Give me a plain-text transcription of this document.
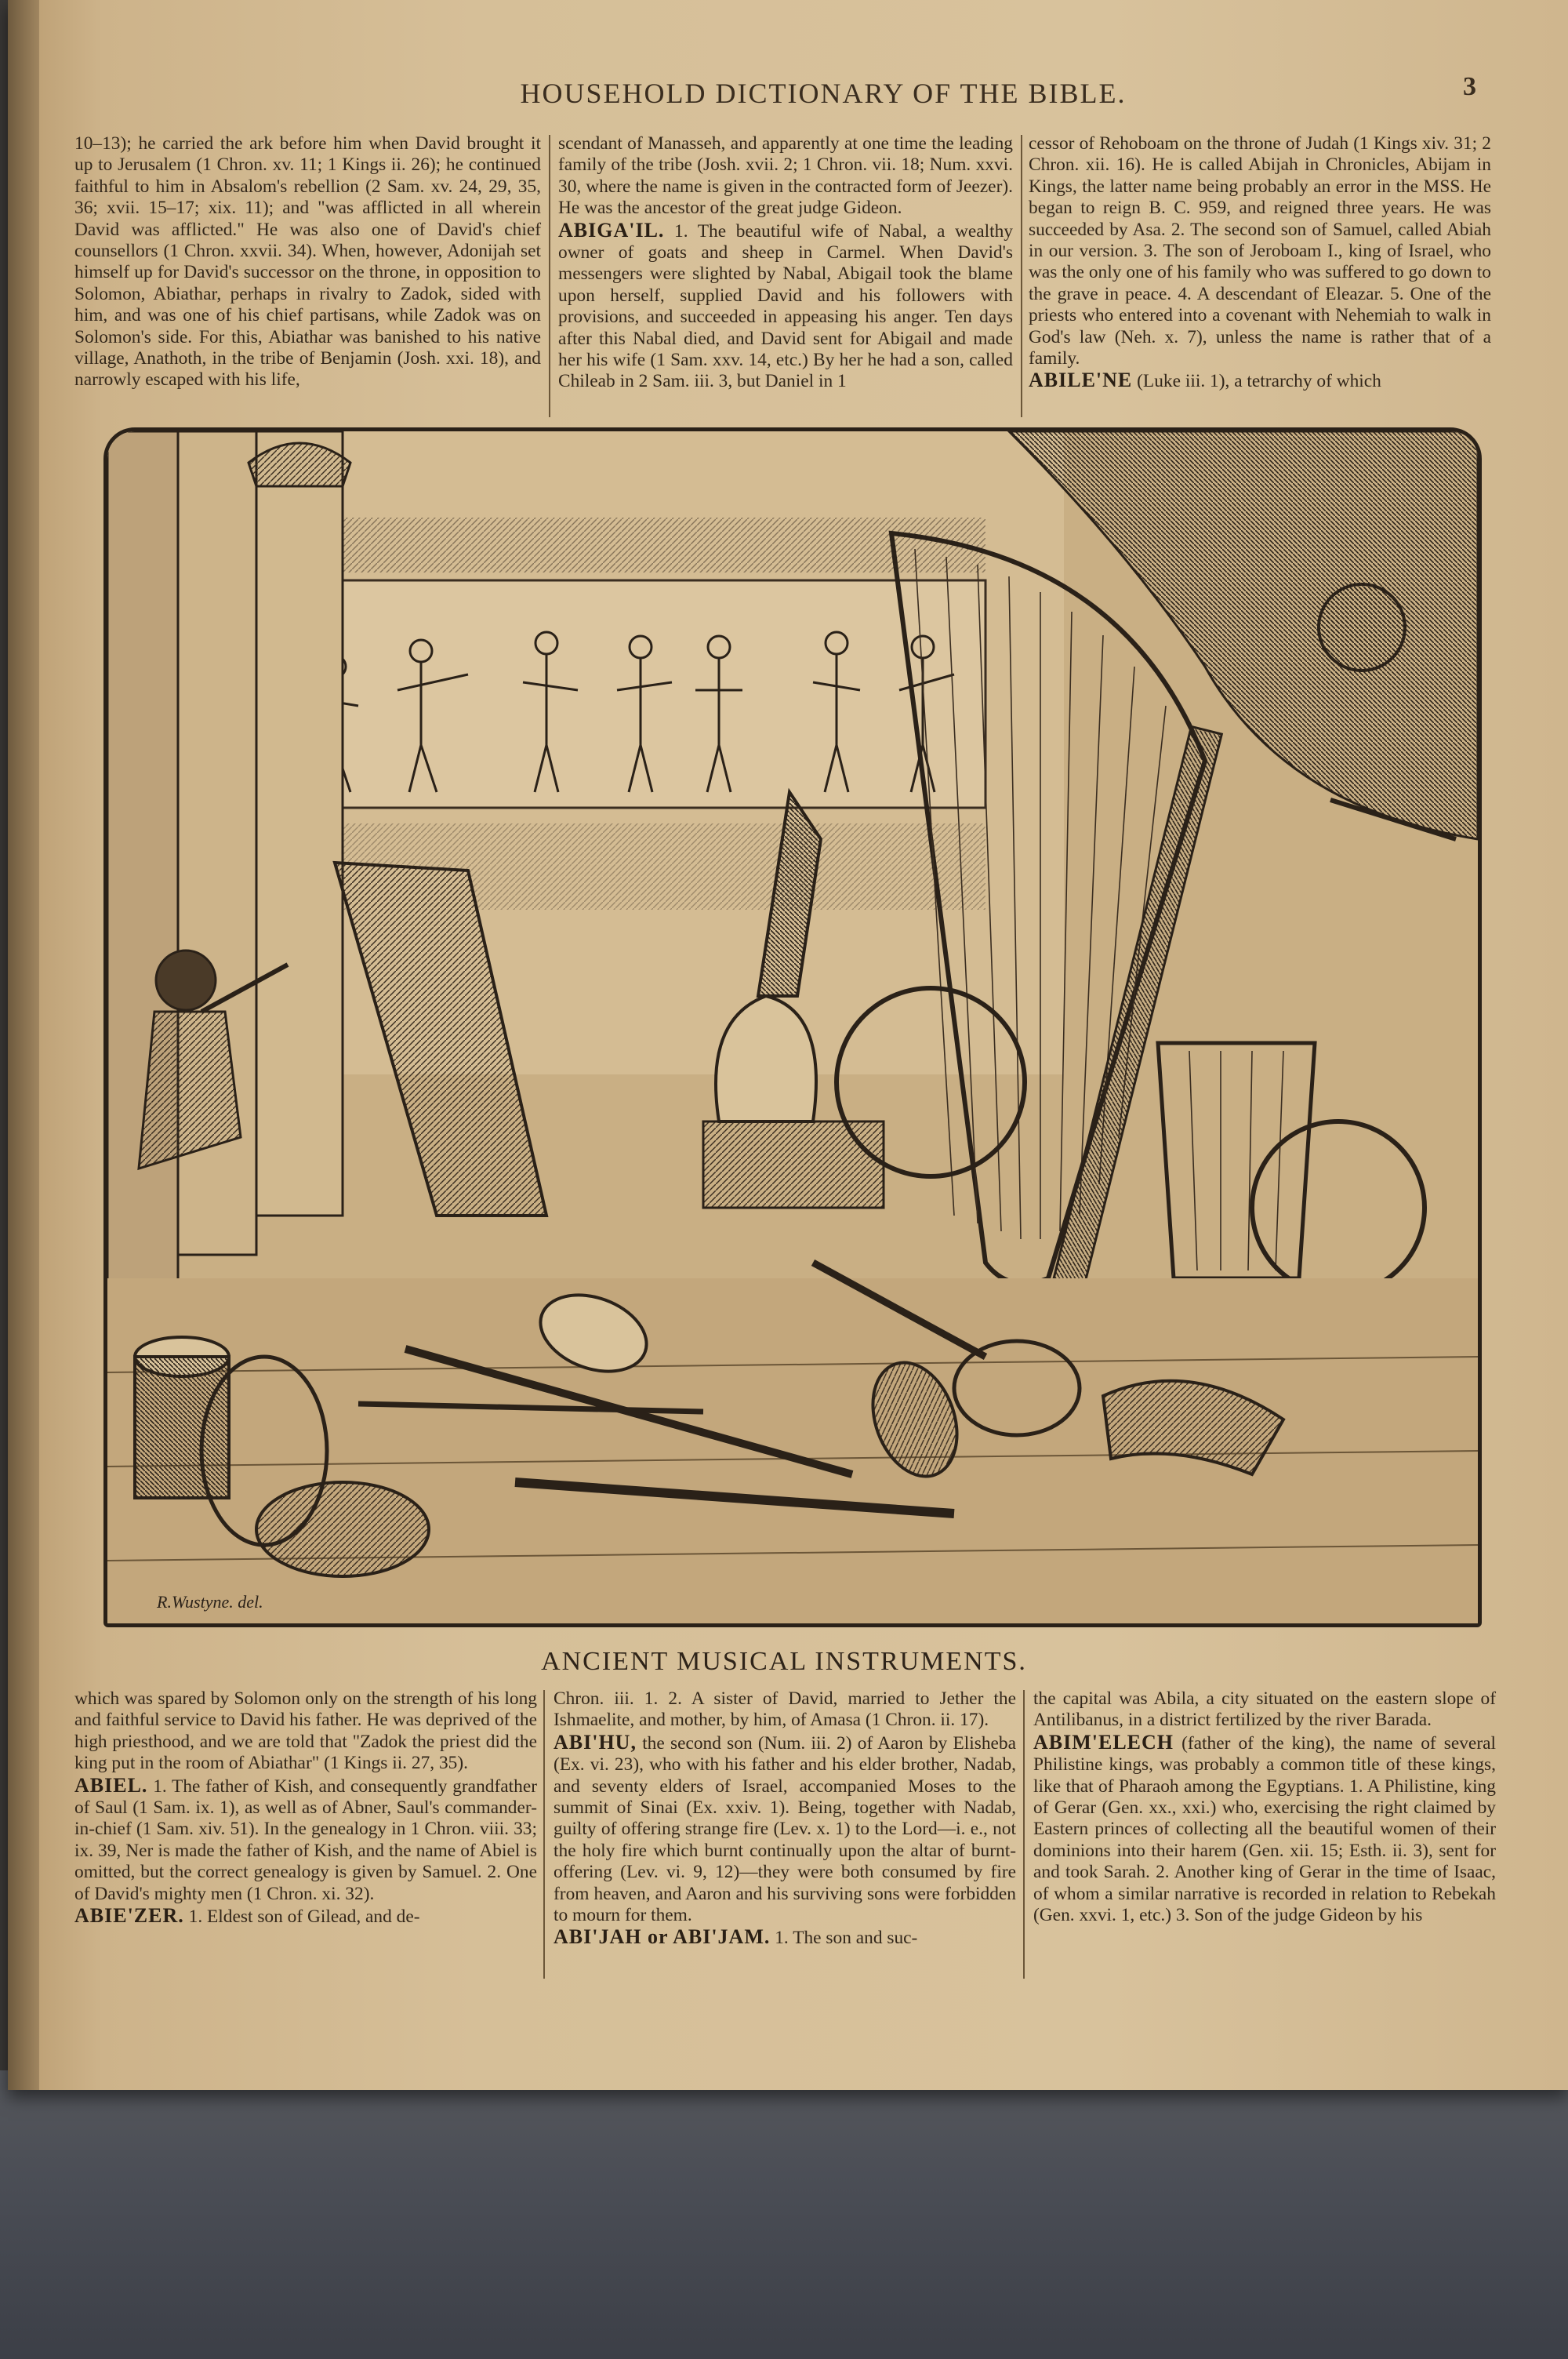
HOUSEHOLD DICTIONARY OF THE BIBLE.	3

10–13); he carried the ark before him when David brought it up to Jerusalem (1 Chron. xv. 11; 1 Kings ii. 26); he continued faithful to him in Absalom's rebellion (2 Sam. xv. 24, 29, 35, 36; xvii. 15–17; xix. 11); and "was afflicted in all wherein David was afflicted." He was also one of David's chief counsellors (1 Chron. xxvii. 34). When, however, Adonijah set himself up for David's successor on the throne, in opposition to Solomon, Abiathar, perhaps in rivalry to Zadok, sided with him, and was one of his chief partisans, while Zadok was on Solomon's side. For this, Abiathar was banished to his native village, Anathoth, in the tribe of Benjamin (Josh. xxi. 18), and narrowly escaped with his life,

scendant of Manasseh, and apparently at one time the leading family of the tribe (Josh. xvii. 2; 1 Chron. vii. 18; Num. xxvi. 30, where the name is given in the contracted form of Jeezer). He was the ancestor of the great judge Gideon.

ABIGA'IL. 1. The beautiful wife of Nabal, a wealthy owner of goats and sheep in Carmel. When David's messengers were slighted by Nabal, Abigail took the blame upon herself, supplied David and his followers with provisions, and succeeded in appeasing his anger. Ten days after this Nabal died, and David sent for Abigail and made her his wife (1 Sam. xxv. 14, etc.) By her he had a son, called Chileab in 2 Sam. iii. 3, but Daniel in 1

cessor of Rehoboam on the throne of Judah (1 Kings xiv. 31; 2 Chron. xii. 16). He is called Abijah in Chronicles, Abijam in Kings, the latter name being probably an error in the MSS. He began to reign B. C. 959, and reigned three years. He was succeeded by Asa. 2. The second son of Samuel, called Abiah in our version. 3. The son of Jeroboam I., king of Israel, who was the only one of his family who was suffered to go down to the grave in peace. 4. A descendant of Eleazar. 5. One of the priests who entered into a covenant with Nehemiah to walk in God's law (Neh. x. 7), unless the name is rather that of a family.

ABILE'NE (Luke iii. 1), a tetrarchy of which

R.Wustyne. del.
ANCIENT MUSICAL INSTRUMENTS.

which was spared by Solomon only on the strength of his long and faithful service to David his father. He was deprived of the high priesthood, and we are told that "Zadok the priest did the king put in the room of Abiathar" (1 Kings ii. 27, 35).

ABIEL. 1. The father of Kish, and consequently grandfather of Saul (1 Sam. ix. 1), as well as of Abner, Saul's commander-in-chief (1 Sam. xiv. 51). In the genealogy in 1 Chron. viii. 33; ix. 39, Ner is made the father of Kish, and the name of Abiel is omitted, but the correct genealogy is given by Samuel. 2. One of David's mighty men (1 Chron. xi. 32).

ABIE'ZER. 1. Eldest son of Gilead, and de-

Chron. iii. 1. 2. A sister of David, married to Jether the Ishmaelite, and mother, by him, of Amasa (1 Chron. ii. 17).

ABI'HU, the second son (Num. iii. 2) of Aaron by Elisheba (Ex. vi. 23), who with his father and his elder brother, Nadab, and seventy elders of Israel, accompanied Moses to the summit of Sinai (Ex. xxiv. 1). Being, together with Nadab, guilty of offering strange fire (Lev. x. 1) to the Lord—i. e., not the holy fire which burnt continually upon the altar of burnt-offering (Lev. vi. 9, 12)—they were both consumed by fire from heaven, and Aaron and his surviving sons were forbidden to mourn for them.

ABI'JAH or ABI'JAM. 1. The son and suc-

the capital was Abila, a city situated on the eastern slope of Antilibanus, in a district fertilized by the river Barada.

ABIM'ELECH (father of the king), the name of several Philistine kings, was probably a common title of these kings, like that of Pharaoh among the Egyptians. 1. A Philistine, king of Gerar (Gen. xx., xxi.) who, exercising the right claimed by Eastern princes of collecting all the beautiful women of their dominions into their harem (Gen. xii. 15; Esth. ii. 3), sent for and took Sarah. 2. Another king of Gerar in the time of Isaac, of whom a similar narrative is recorded in relation to Rebekah (Gen. xxvi. 1, etc.) 3. Son of the judge Gideon by his
